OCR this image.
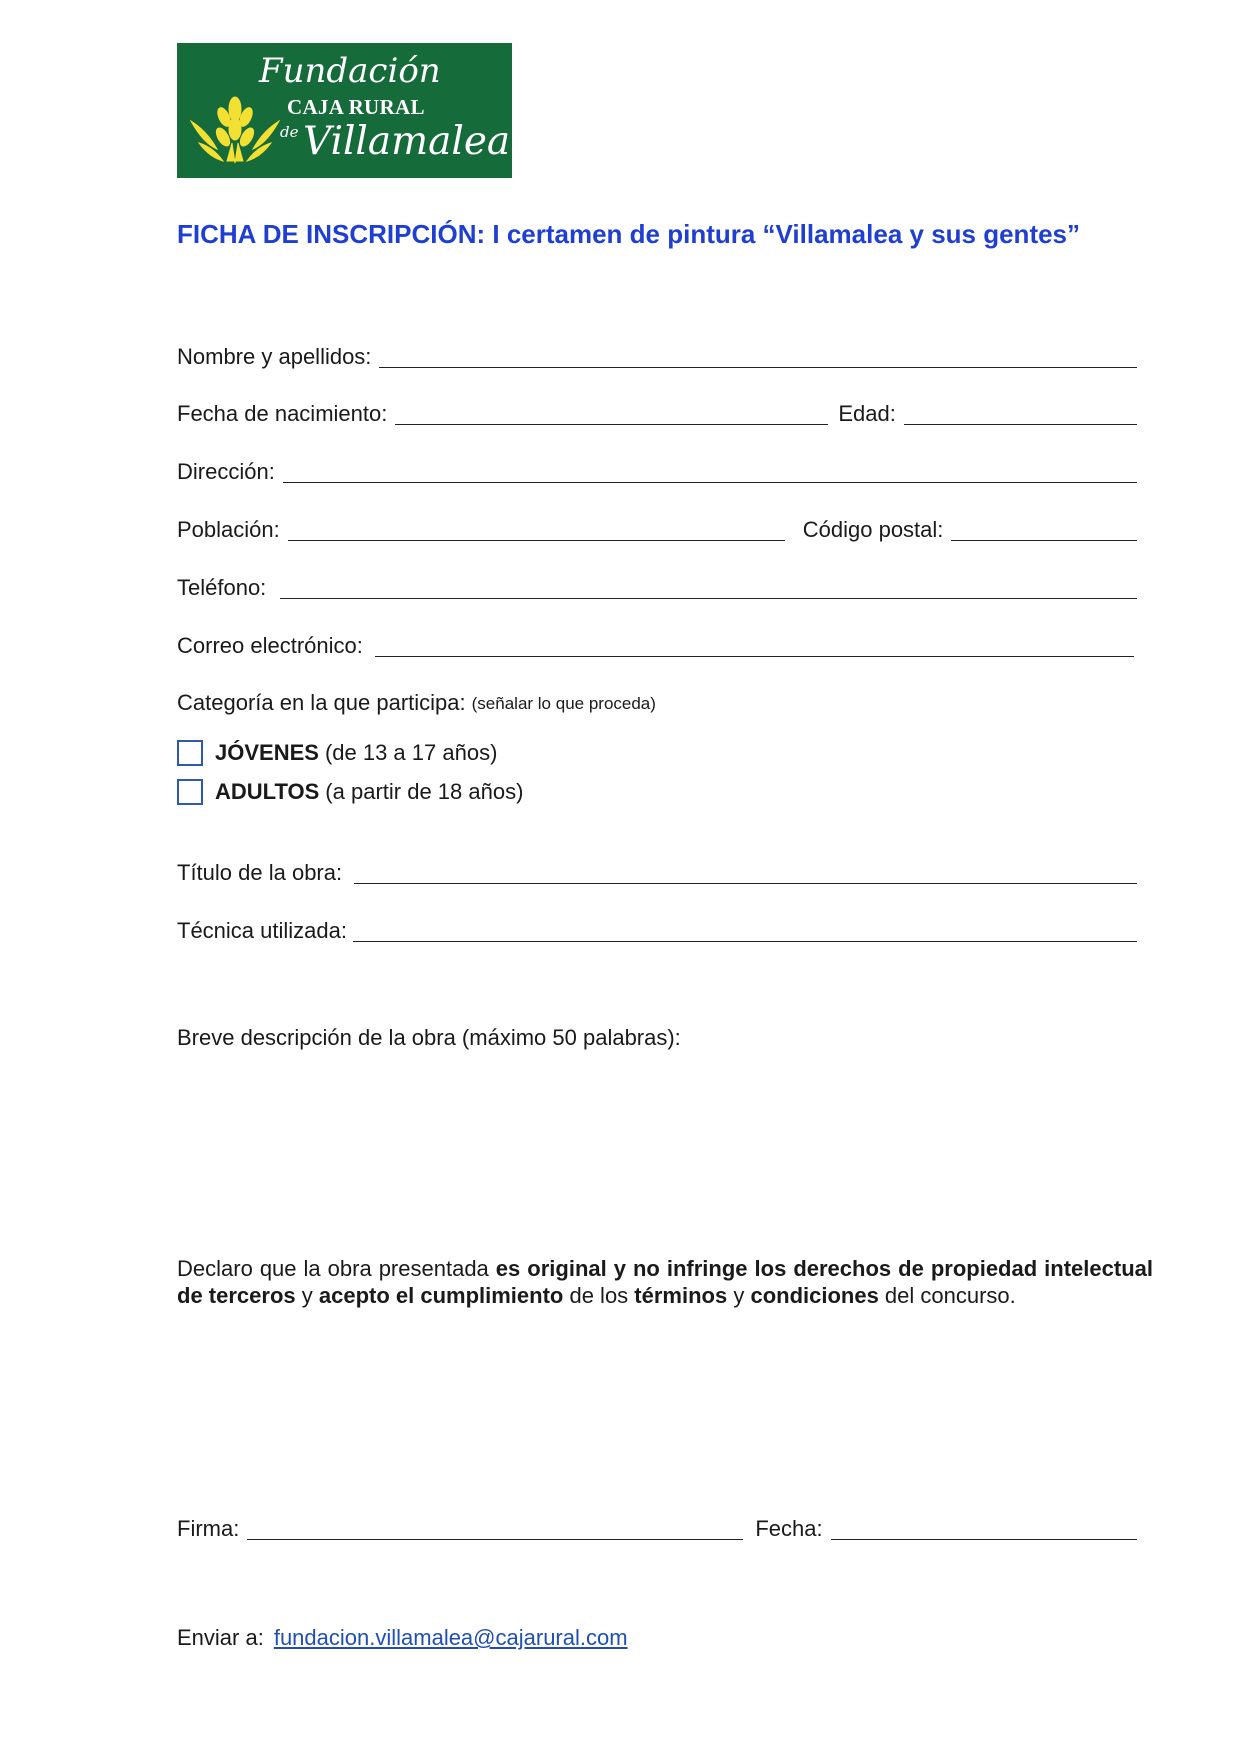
Fundación
CAJA RURAL
de Villamalea
FICHA DE INSCRIPCIÓN: I certamen de pintura “Villamalea y sus gentes”
Nombre y apellidos:
Fecha de nacimiento:	Edad:
Dirección:
Población:	Código postal:
Teléfono:
Correo electrónico:
Categoría en la que participa: (señalar lo que proceda)
JÓVENES (de 13 a 17 años)
ADULTOS (a partir de 18 años)
Título de la obra:
Técnica utilizada:
Breve descripción de la obra (máximo 50 palabras):
Declaro que la obra presentada es original y no infringe los derechos de propiedad intelectual de terceros y acepto el cumplimiento de los términos y condiciones del concurso.
Firma:	Fecha:
Enviar a: fundacion.villamalea@cajarural.com
